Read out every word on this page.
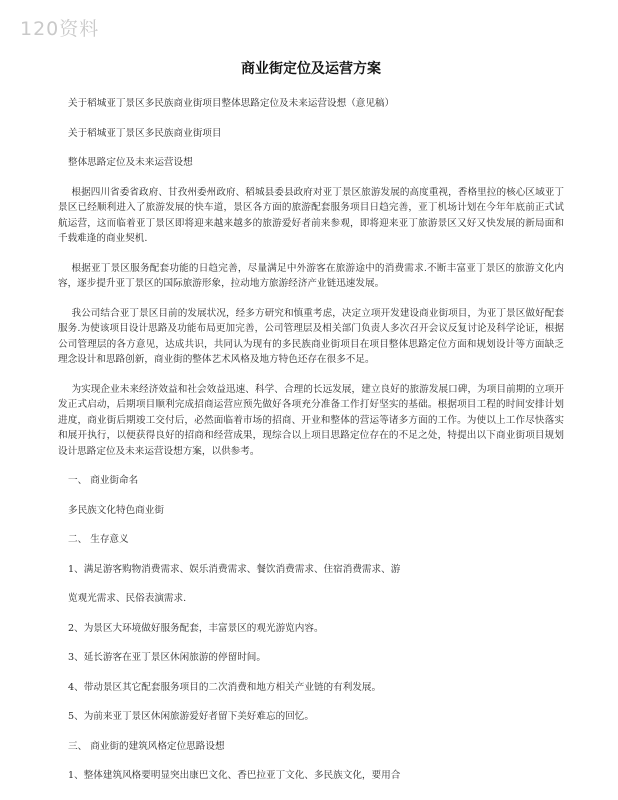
120资料
商业街定位及运营方案

关于稻城亚丁景区多民族商业街项目整体思路定位及未来运营设想（意见稿）

关于稻城亚丁景区多民族商业街项目

整体思路定位及未来运营设想

根据四川省委省政府、甘孜州委州政府、稻城县委县政府对亚丁景区旅游发展的高度重视，香格里拉的核心区域亚丁景区已经顺利进入了旅游发展的快车道，景区各方面的旅游配套服务项目日趋完善，亚丁机场计划在今年年底前正式试航运营，这而临着亚丁景区即将迎来越来越多的旅游爱好者前来参观，即将迎来亚丁旅游景区又好又快发展的新局面和千载难逢的商业契机.

根据亚丁景区服务配套功能的日趋完善，尽量满足中外游客在旅游途中的消费需求.不断丰富亚丁景区的旅游文化内容，逐步提升亚丁景区的国际旅游形象，拉动地方旅游经济产业链迅速发展。

我公司结合亚丁景区目前的发展状况，经多方研究和慎重考虑，决定立项开发建设商业街项目，为亚丁景区做好配套服务.为使该项目设计思路及功能布局更加完善，公司管理层及相关部门负责人多次召开会议反复讨论及科学论证，根据公司管理层的各方意见，达成共识，共同认为现有的多民族商业街项目在项目整体思路定位方面和规划设计等方面缺乏理念设计和思路创新，商业街的整体艺术风格及地方特色还存在很多不足。

为实现企业未来经济效益和社会效益迅速、科学、合理的长远发展，建立良好的旅游发展口碑，为项目前期的立项开发正式启动，后期项目顺利完成招商运营应预先做好各项充分准备工作打好坚实的基础。根据项目工程的时间安排计划进度，商业街后期竣工交付后，必然面临着市场的招商、开业和整体的营运等诸多方面的工作。为使以上工作尽快落实和展开执行，以便获得良好的招商和经营成果，现综合以上项目思路定位存在的不足之处，特提出以下商业街项目规划设计思路定位及未来运营设想方案，以供参考。

一、 商业街命名

多民族文化特色商业街

二、 生存意义

1、满足游客购物消费需求、娱乐消费需求、餐饮消费需求、住宿消费需求、游

览观光需求、民俗表演需求.

2、为景区大环境做好服务配套，丰富景区的观光游览内容。

3、延长游客在亚丁景区休闲旅游的停留时间。

4、带动景区其它配套服务项目的二次消费和地方相关产业链的有利发展。

5、为前来亚丁景区休闲旅游爱好者留下美好难忘的回忆。

三、 商业街的建筑风格定位思路设想

1、整体建筑风格要明显突出康巴文化、香巴拉亚丁文化、多民族文化，要用合
